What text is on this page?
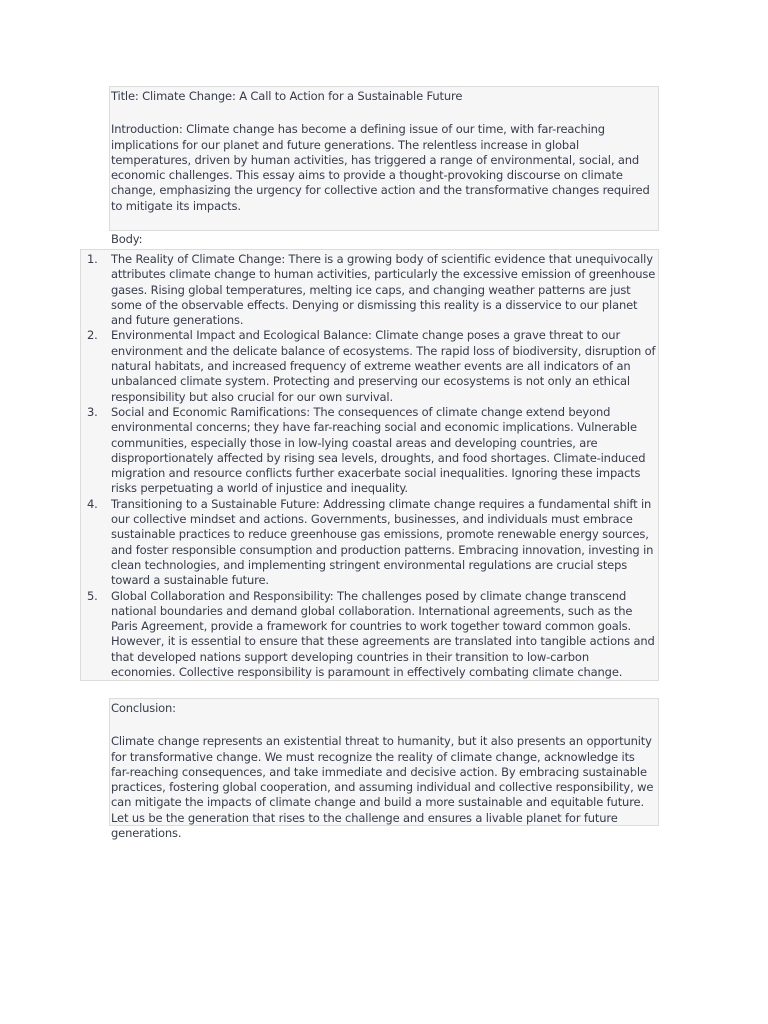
Title: Climate Change: A Call to Action for a Sustainable Future

Introduction: Climate change has become a defining issue of our time, with far-reaching implications for our planet and future generations. The relentless increase in global temperatures, driven by human activities, has triggered a range of environmental, social, and economic challenges. This essay aims to provide a thought-provoking discourse on climate change, emphasizing the urgency for collective action and the transformative changes required to mitigate its impacts.

Body:

1.	The Reality of Climate Change: There is a growing body of scientific evidence that unequivocally attributes climate change to human activities, particularly the excessive emission of greenhouse gases. Rising global temperatures, melting ice caps, and changing weather patterns are just some of the observable effects. Denying or dismissing this reality is a disservice to our planet and future generations.
2.	Environmental Impact and Ecological Balance: Climate change poses a grave threat to our environment and the delicate balance of ecosystems. The rapid loss of biodiversity, disruption of natural habitats, and increased frequency of extreme weather events are all indicators of an unbalanced climate system. Protecting and preserving our ecosystems is not only an ethical responsibility but also crucial for our own survival.
3.	Social and Economic Ramifications: The consequences of climate change extend beyond environmental concerns; they have far-reaching social and economic implications. Vulnerable communities, especially those in low-lying coastal areas and developing countries, are disproportionately affected by rising sea levels, droughts, and food shortages. Climate-induced migration and resource conflicts further exacerbate social inequalities. Ignoring these impacts risks perpetuating a world of injustice and inequality.
4.	Transitioning to a Sustainable Future: Addressing climate change requires a fundamental shift in our collective mindset and actions. Governments, businesses, and individuals must embrace sustainable practices to reduce greenhouse gas emissions, promote renewable energy sources, and foster responsible consumption and production patterns. Embracing innovation, investing in clean technologies, and implementing stringent environmental regulations are crucial steps toward a sustainable future.
5.	Global Collaboration and Responsibility: The challenges posed by climate change transcend national boundaries and demand global collaboration. International agreements, such as the Paris Agreement, provide a framework for countries to work together toward common goals. However, it is essential to ensure that these agreements are translated into tangible actions and that developed nations support developing countries in their transition to low-carbon economies. Collective responsibility is paramount in effectively combating climate change.

Conclusion:

Climate change represents an existential threat to humanity, but it also presents an opportunity for transformative change. We must recognize the reality of climate change, acknowledge its far-reaching consequences, and take immediate and decisive action. By embracing sustainable practices, fostering global cooperation, and assuming individual and collective responsibility, we can mitigate the impacts of climate change and build a more sustainable and equitable future. Let us be the generation that rises to the challenge and ensures a livable planet for future generations.
